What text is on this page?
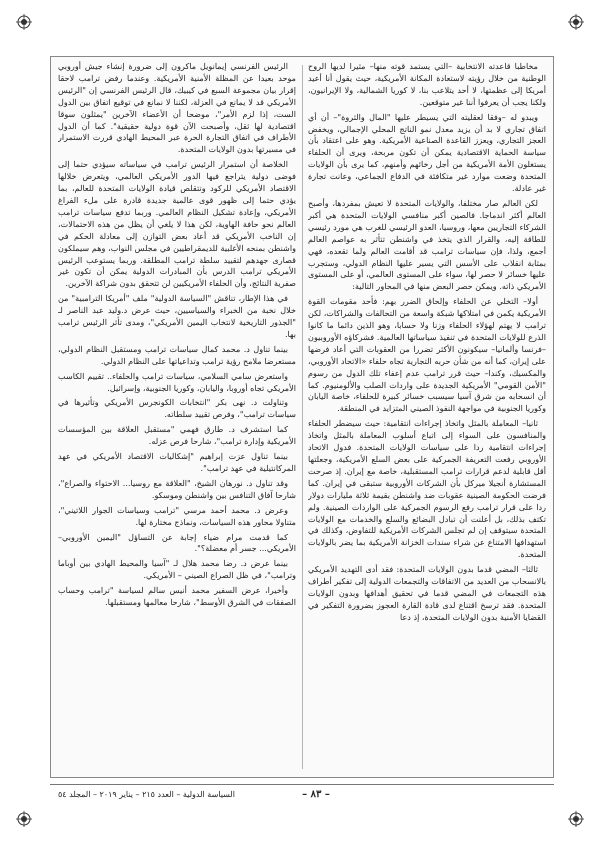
مخاطبا قاعدته الانتخابية –التي يستمد قوته منها– مثيرا لديها الروح الوطنية من خلال رؤيته لاستعادة المكانة الأمريكية، حيث يقول أنا أعيد أمريكا إلى عظمتها، لا أحد يتلاعب بنا، لا كوريا الشمالية، ولا الإيرانيون، ولكنا يجب أن يعرفوا أننا غير متوقعين.

ويبدو له –وفقا لعقليته التي يسيطر عليها "المال والثروة"– أن أي اتفاق تجاري لا بد أن يزيد معدل نمو الناتج المحلي الإجمالي، ويخفض العجز التجاري، ويعزز القاعدة الصناعية الأمريكية. وهو على اعتقاد بأن سياسة الحماية الاقتصادية يمكن أن تكون مربحة، ويرى أن الحلفاء يستغلون الأمة الأمريكية من أجل رخائهم وأمنهم، كما يرى بأن الولايات المتحدة وضعت موارد غير متكافئة في الدفاع الجماعي، وعانت تجارة غير عادلة.

لكن العالم صار مختلفا، والولايات المتحدة لا تعيش بمفردها، وأصبح العالم أكثر اندماجا. فالصين أكبر منافسي الولايات المتحدة هي أكبر الشركاء التجاريين معها، وروسيا، العدو الرئيسي للغرب هي مورد رئيسي للطاقة إليه، والقرار الذي يتخذ في واشنطن تتأثر به عواصم العالم أجمع، ولذا، فإن سياسات ترامب قد أقامت العالم ولما تقعده، فهي بمثابة انقلاب على الأسس التي يسير عليها النظام الدولي، وستجرب عليها خسائر لا حصر لها، سواء على المستوى العالمي، أو على المستوى الأمريكي ذاته. ويمكن حصر البعض منها في المحاور التالية:

أولا– التخلي عن الحلفاء وإلحاق الضرر بهم: فأحد مقومات القوة الأمريكية يكمن في امتلاكها شبكة واسعة من التحالفات والشراكات، لكن ترامب لا يهتم لهؤلاء الحلفاء وزنا ولا حسابا، وهو الذين دائما ما كانوا الذرع للولايات المتحدة في تنفيذ سياساتها العالمية. فشركاؤه الأوروبيون –فرنسا وألمانيا– سيكونون الأكثر تضررا من العقوبات التي أعاد فرضها على إيران، كما أنه من شأن حربه التجارية تجاه حلفاء «الاتحاد الأوروبي، والمكسيك، وكندا– حيث قرر ترامب عدم إعفاء تلك الدول من رسوم "الأمن القومي" الأمريكية الجديدة على واردات الصلب والألومنيوم. كما أن انسحابه من شرق آسيا سيسبب خسائر كبيرة للحلفاء، خاصة اليابان وكوريا الجنوبية في مواجهة النفوذ الصيني المتزايد في المنطقة.

ثانيا– المعاملة بالمثل واتخاذ إجراءات انتقامية: حيث سيضطر الحلفاء والمنافسون على السواء إلى اتباع أسلوب المعاملة بالمثل واتخاذ إجراءات انتقامية ردا على سياسات الولايات المتحدة. فدول الاتحاد الأوروبي رفعت التعريفة الجمركية على بعض السلع الأمريكية، وجعلتها أقل قابلية لدعم قرارات ترامب المستقبلية، خاصة مع إيران. إذ صرحت المستشارة أنجيلا ميركل بأن الشركات الأوروبية ستبقى في إيران. كما فرضت الحكومة الصينية عقوبات ضد واشنطن بقيمة ثلاثة مليارات دولار ردا على قرار ترامب رفع الرسوم الجمركية على الواردات الصينية. ولم تكتف بذلك، بل أعلنت أن تبادل البضائع والسلع والخدمات مع الولايات المتحدة سيتوقف إن لم تجلس الشركات الأمريكية للتفاوض، وكذلك في استهدافها الامتناع عن شراء سندات الخزانة الأمريكية بما يضر بالولايات المتحدة.

ثالثا– المضي قدما بدون الولايات المتحدة: فقد أدى التهديد الأمريكي بالانسحاب من العديد من الاتفاقات والتجمعات الدولية إلى تفكير أطراف هذه التجمعات في المضي قدما في تحقيق أهدافها وبدون الولايات المتحدة. فقد ترسخ اقتناع لدى قادة القارة العجوز بضرورة التفكير في القضايا الأمنية بدون الولايات المتحدة، إذ دعا

الرئيس الفرنسي إيمانويل ماكرون إلى ضرورة إنشاء جيش أوروبي موحد بعيدا عن المظلة الأمنية الأمريكية. وعندما رفض ترامب لاحقا إقرار بيان مجموعة السبع في كيبيك، قال الرئيس الفرنسي إن "الرئيس الأمريكي قد لا يمانع في العزلة، لكننا لا نمانع في توقيع اتفاق بين الدول الست، إذا لزم الأمر"، موضحا أن الأعضاء الآخرين "يمثلون سوقا اقتصادية لها ثقل، وأصبحت الآن قوة دولية حقيقية". كما أن الدول الأطراف في اتفاق التجارة الحرة عبر المحيط الهادي قررت الاستمرار في مسيرتها بدون الولايات المتحدة.

الخلاصة أن استمرار الرئيس ترامب في سياساته سيؤدي حتما إلى فوضى دولية يتراجع فيها الدور الأمريكي العالمي، ويتعرض خلالها الاقتصاد الأمريكي للركود وتتقلص قيادة الولايات المتحدة للعالم، بما يؤدي حتما إلى ظهور قوى عالمية جديدة قادرة على ملء الفراغ الأمريكي، وإعادة تشكيل النظام العالمي. وربما تدفع سياسات ترامب العالم نحو حافة الهاوية، لكن هذا لا يلغي أن يظل من هذه الاحتمالات، إن الناخب الأمريكي قد أعاد بعض التوازن إلى معادلة الحكم في واشنطن بمنحه الأغلبية للديمقراطيين في مجلس النواب، وهم سيملكون قصارى جهدهم لتقييد سلطة ترامب المطلقة. وربما يستوعب الرئيس الأمريكي ترامب الدرس بأن المبادرات الدولية يمكن أن تكون غير صفرية النتائج، وأن الحلفاء الأمريكيين لن تتحقق بدون شراكة الآخرين.

في هذا الإطار، تناقش "السياسة الدولية" ملف "أمريكا الترامبية" من خلال نخبة من الخبراء والسياسيين، حيث عرض د.وليد عبد الناصر لـ "الجذور التاريخية لانتخاب اليمين الأمريكي"، ومدى تأثر الرئيس ترامب بها.

بينما تناول د. محمد كمال سياسات ترامب ومستقبل النظام الدولي، مستعرضا ملامح رؤية ترامب وتداعياتها على النظام الدولي.

واستعرض سامي السلامي، سياسات ترامب والحلفاء.. تقييم الكاسب الأمريكي تجاه أوروبا، واليابان، وكوريا الجنوبية، وإسرائيل.

وتناولت د. نهى بكر "انتخابات الكونجرس الأمريكي وتأثيرها في سياسات ترامب"، وفرص تقييد سلطاته.

كما استشرف د. طارق فهمي "مستقبل العلاقة بين المؤسسات الأمريكية وإدارة ترامب"، شارحا فرص عزله.

بينما تناول عزت إبراهيم "إشكاليات الاقتصاد الأمريكي في عهد المركانتيلية في عهد ترامب".

وقد تناول د. نورهان الشيخ، "العلاقة مع روسيا... الاحتواء والصراع"، شارحا آفاق التنافس بين واشنطن وموسكو.

وعرض د. محمد أحمد مرسي "ترامب وسياسات الجوار اللاتيني"، متناولا محاور هذه السياسات، ونماذج مختارة لها.

كما قدمت مرام ضياء إجابة عن التساؤل "اليمين الأوروبي–الأمريكي... جسر أم معضلة؟".

بينما عرض د. رضا محمد هلال لـ "آسيا والمحيط الهادي بين أوباما وترامب"، في ظل الصراع الصيني – الأمريكي.

وأخيرا، عرض السفير محمد أنيس سالم لسياسة "ترامب وحساب الصفقات في الشرق الأوسط"، شارحا معالمها ومستقبلها.

– ٨٣ –
السياسة الدولية – العدد ٢١٥ – يناير ٢٠١٩ – المجلد ٥٤
